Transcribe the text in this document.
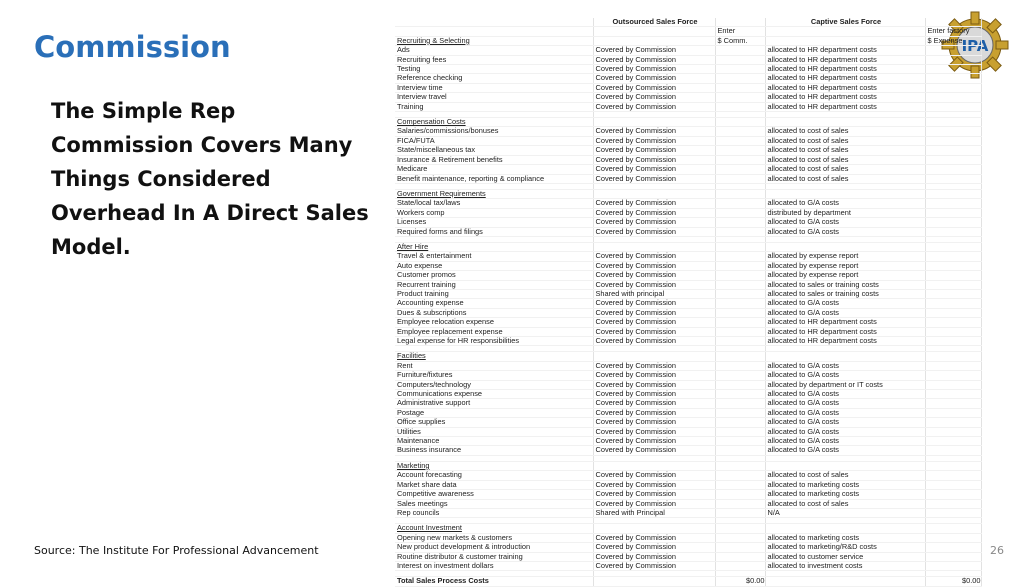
Commission
The Simple Rep Commission Covers Many Things Considered Overhead In A Direct Sales Model.
IPA
	Outsourced Sales Force		Captive Sales Force	
		Enter		Enter factory
Recruiting & Selecting		$ Comm.		$ Expense
Ads	Covered by Commission		allocated to HR department costs	
Recruiting fees	Covered by Commission		allocated to HR department costs	
Testing	Covered by Commission		allocated to HR department costs	
Reference checking	Covered by Commission		allocated to HR department costs	
Interview time	Covered by Commission		allocated to HR department costs	
Interview travel	Covered by Commission		allocated to HR department costs	
Training	Covered by Commission		allocated to HR department costs	

Compensation Costs				
Salaries/commissions/bonuses	Covered by Commission		allocated to cost of sales	
FICA/FUTA	Covered by Commission		allocated to cost of sales	
State/miscellaneous tax	Covered by Commission		allocated to cost of sales	
Insurance & Retirement benefits	Covered by Commission		allocated to cost of sales	
Medicare	Covered by Commission		allocated to cost of sales	
Benefit maintenance, reporting & compliance	Covered by Commission		allocated to cost of sales	

Government Requirements				
State/local tax/laws	Covered by Commission		allocated to G/A costs	
Workers comp	Covered by Commission		distributed by department	
Licenses	Covered by Commission		allocated to G/A costs	
Required forms and filings	Covered by Commission		allocated to G/A costs	

After Hire				
Travel & entertainment	Covered by Commission		allocated by expense report	
Auto expense	Covered by Commission		allocated by expense report	
Customer promos	Covered by Commission		allocated by expense report	
Recurrent training	Covered by Commission		allocated to sales or training costs	
Product training	Shared with principal		allocated to sales or training costs	
Accounting expense	Covered by Commission		allocated to G/A costs	
Dues & subscriptions	Covered by Commission		allocated to G/A costs	
Employee relocation expense	Covered by Commission		allocated to HR department costs	
Employee replacement expense	Covered by Commission		allocated to HR department costs	
Legal expense for HR responsibilities	Covered by Commission		allocated to HR department costs	

Facilities				
Rent	Covered by Commission		allocated to G/A costs	
Furniture/fixtures	Covered by Commission		allocated to G/A costs	
Computers/technology	Covered by Commission		allocated by department or IT costs	
Communications expense	Covered by Commission		allocated to G/A costs	
Administrative support	Covered by Commission		allocated to G/A costs	
Postage	Covered by Commission		allocated to G/A costs	
Office supplies	Covered by Commission		allocated to G/A costs	
Utilities	Covered by Commission		allocated to G/A costs	
Maintenance	Covered by Commission		allocated to G/A costs	
Business insurance	Covered by Commission		allocated to G/A costs	

Marketing				
Account forecasting	Covered by Commission		allocated to cost of sales	
Market share data	Covered by Commission		allocated to marketing costs	
Competitive awareness	Covered by Commission		allocated to marketing costs	
Sales meetings	Covered by Commission		allocated to cost of sales	
Rep councils	Shared with Principal		N/A	

Account Investment				
Opening new markets & customers	Covered by Commission		allocated to marketing costs	
New product development & introduction	Covered by Commission		allocated to marketing/R&D costs	
Routine distributor & customer training	Covered by Commission		allocated to customer service	
Interest on investment dollars	Covered by Commission		allocated to investment costs	

Total Sales Process Costs		$0.00		$0.00
Source: The Institute For Professional Advancement	26
